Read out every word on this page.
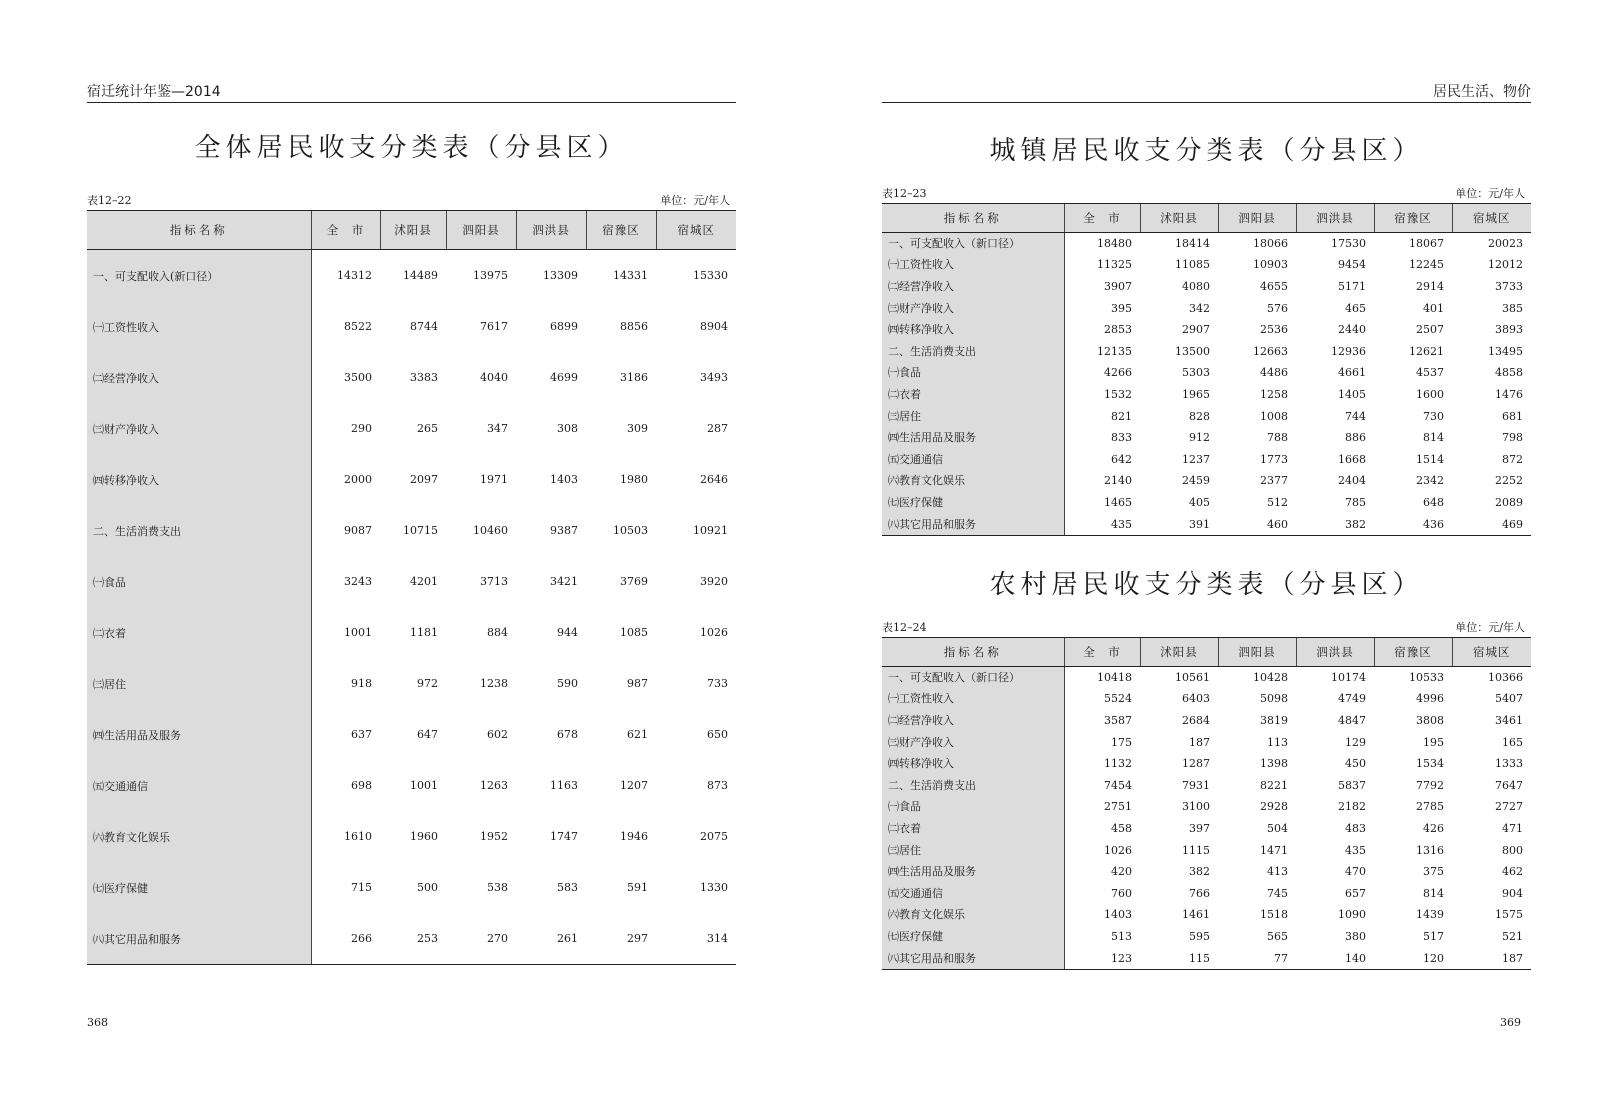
宿迁统计年鉴—2014
全体居民收支分类表（分县区）
表12–22	单位：元/年人
指标名称	全　市	沭阳县	泗阳县	泗洪县	宿豫区	宿城区
一、可支配收入(新口径）	14312	14489	13975	13309	14331	15330
㈠工资性收入	8522	8744	7617	6899	8856	8904
㈡经营净收入	3500	3383	4040	4699	3186	3493
㈢财产净收入	290	265	347	308	309	287
㈣转移净收入	2000	2097	1971	1403	1980	2646
二、生活消费支出	9087	10715	10460	9387	10503	10921
㈠食品	3243	4201	3713	3421	3769	3920
㈡衣着	1001	1181	884	944	1085	1026
㈢居住	918	972	1238	590	987	733
㈣生活用品及服务	637	647	602	678	621	650
㈤交通通信	698	1001	1263	1163	1207	873
㈥教育文化娱乐	1610	1960	1952	1747	1946	2075
㈦医疗保健	715	500	538	583	591	1330
㈧其它用品和服务	266	253	270	261	297	314
368
居民生活、物价
城镇居民收支分类表（分县区）
表12–23	单位：元/年人
指标名称	全　市	沭阳县	泗阳县	泗洪县	宿豫区	宿城区
一、可支配收入（新口径）	18480	18414	18066	17530	18067	20023
㈠工资性收入	11325	11085	10903	9454	12245	12012
㈡经营净收入	3907	4080	4655	5171	2914	3733
㈢财产净收入	395	342	576	465	401	385
㈣转移净收入	2853	2907	2536	2440	2507	3893
二、生活消费支出	12135	13500	12663	12936	12621	13495
㈠食品	4266	5303	4486	4661	4537	4858
㈡衣着	1532	1965	1258	1405	1600	1476
㈢居住	821	828	1008	744	730	681
㈣生活用品及服务	833	912	788	886	814	798
㈤交通通信	642	1237	1773	1668	1514	872
㈥教育文化娱乐	2140	2459	2377	2404	2342	2252
㈦医疗保健	1465	405	512	785	648	2089
㈧其它用品和服务	435	391	460	382	436	469
农村居民收支分类表（分县区）
表12–24	单位：元/年人
指标名称	全　市	沭阳县	泗阳县	泗洪县	宿豫区	宿城区
一、可支配收入（新口径）	10418	10561	10428	10174	10533	10366
㈠工资性收入	5524	6403	5098	4749	4996	5407
㈡经营净收入	3587	2684	3819	4847	3808	3461
㈢财产净收入	175	187	113	129	195	165
㈣转移净收入	1132	1287	1398	450	1534	1333
二、生活消费支出	7454	7931	8221	5837	7792	7647
㈠食品	2751	3100	2928	2182	2785	2727
㈡衣着	458	397	504	483	426	471
㈢居住	1026	1115	1471	435	1316	800
㈣生活用品及服务	420	382	413	470	375	462
㈤交通通信	760	766	745	657	814	904
㈥教育文化娱乐	1403	1461	1518	1090	1439	1575
㈦医疗保健	513	595	565	380	517	521
㈧其它用品和服务	123	115	77	140	120	187
369
